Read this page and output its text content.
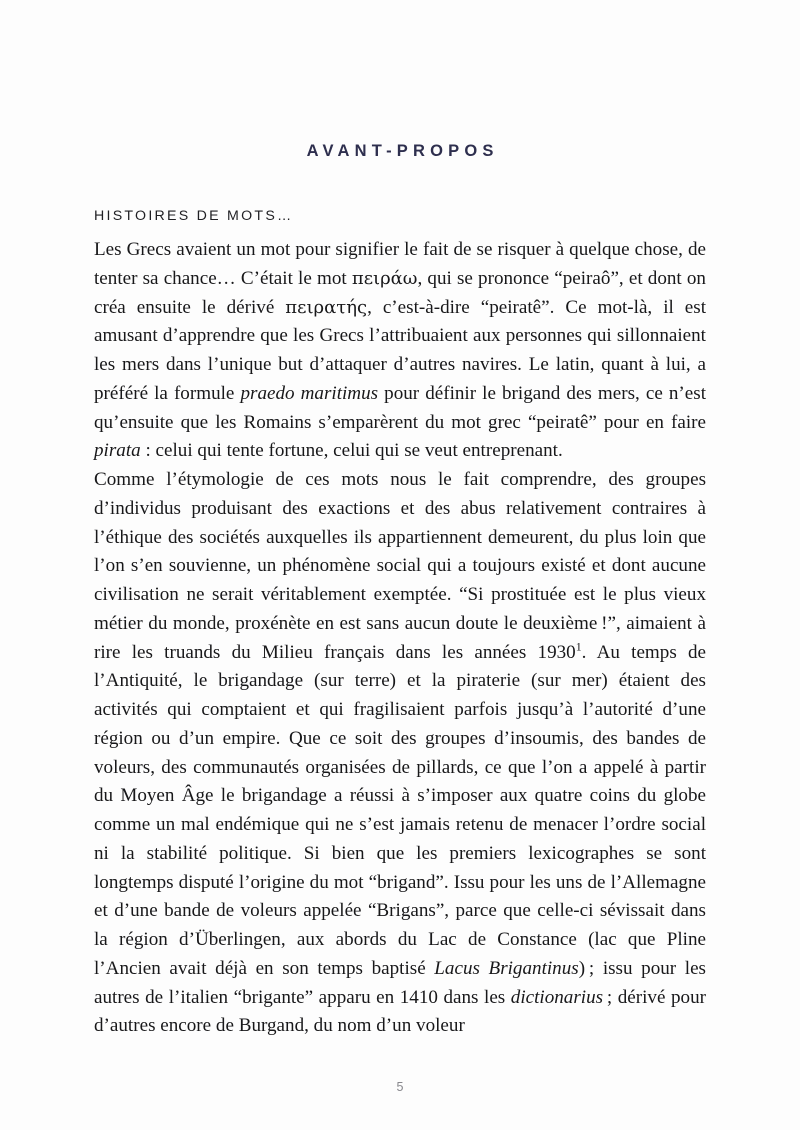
AVANT-PROPOS
HISTOIRES DE MOTS…

Les Grecs avaient un mot pour signifier le fait de se risquer à quelque chose, de tenter sa chance… C’était le mot πειράω, qui se prononce “peiraô”, et dont on créa ensuite le dérivé πειρατής, c’est-à-dire “peiratê”. Ce mot-là, il est amusant d’apprendre que les Grecs l’attribuaient aux personnes qui sillonnaient les mers dans l’unique but d’attaquer d’autres navires. Le latin, quant à lui, a préféré la formule praedo maritimus pour définir le brigand des mers, ce n’est qu’ensuite que les Romains s’emparèrent du mot grec “peiratê” pour en faire pirata : celui qui tente fortune, celui qui se veut entreprenant.

Comme l’étymologie de ces mots nous le fait comprendre, des groupes d’individus produisant des exactions et des abus relativement contraires à l’éthique des sociétés auxquelles ils appartiennent demeurent, du plus loin que l’on s’en souvienne, un phénomène social qui a toujours existé et dont aucune civilisation ne serait véritablement exemptée. “Si prostituée est le plus vieux métier du monde, proxénète en est sans aucun doute le deuxième !”, aimaient à rire les truands du Milieu français dans les années 1930$^1$. Au temps de l’Antiquité, le brigandage (sur terre) et la piraterie (sur mer) étaient des activités qui comptaient et qui fragilisaient parfois jusqu’à l’autorité d’une région ou d’un empire. Que ce soit des groupes d’insoumis, des bandes de voleurs, des communautés organisées de pillards, ce que l’on a appelé à partir du Moyen Âge le brigandage a réussi à s’imposer aux quatre coins du globe comme un mal endémique qui ne s’est jamais retenu de menacer l’ordre social ni la stabilité politique. Si bien que les premiers lexicographes se sont longtemps disputé l’origine du mot “brigand”. Issu pour les uns de l’Allemagne et d’une bande de voleurs appelée “Brigans”, parce que celle-ci sévissait dans la région d’Überlingen, aux abords du Lac de Constance (lac que Pline l’Ancien avait déjà en son temps baptisé Lacus Brigantinus) ; issu pour les autres de l’italien “brigante” apparu en 1410 dans les dictionarius ; dérivé pour d’autres encore de Burgand, du nom d’un voleur

5
